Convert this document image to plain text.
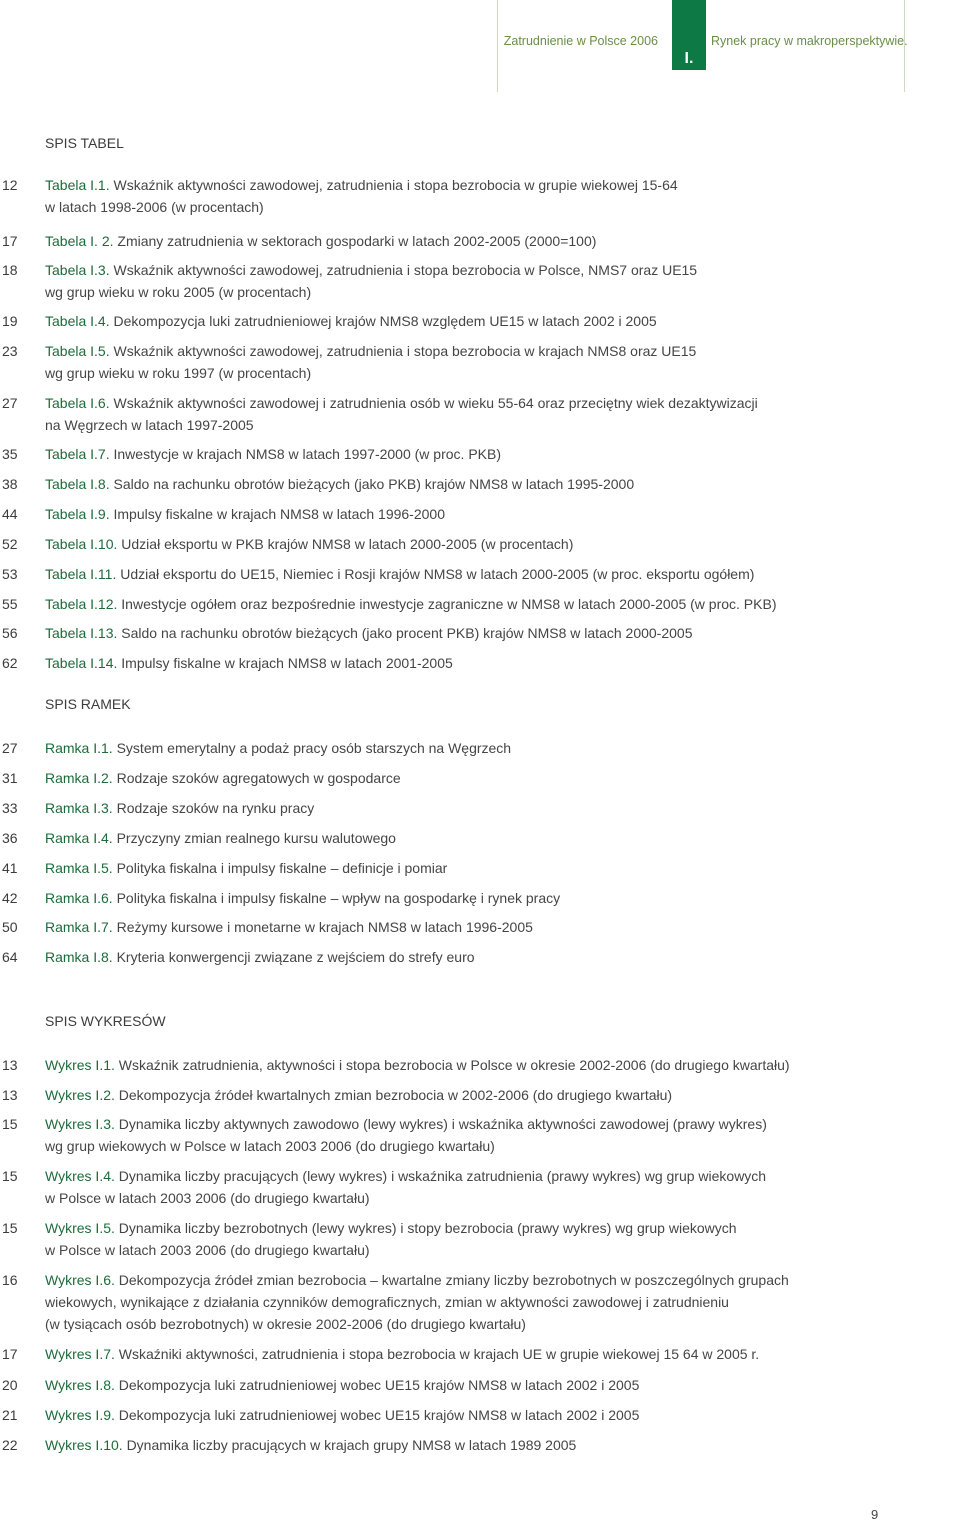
Zatrudnienie w Polsce 2006
I.
Rynek pracy w makroperspektywie.
SPIS TABEL
12	Tabela I.1. Wskaźnik aktywności zawodowej, zatrudnienia i stopa bezrobocia w grupie wiekowej 15-64
w latach 1998-2006 (w procentach)
17	Tabela I. 2. Zmiany zatrudnienia w sektorach gospodarki w latach 2002-2005 (2000=100)
18	Tabela I.3. Wskaźnik aktywności zawodowej, zatrudnienia i stopa bezrobocia w Polsce, NMS7 oraz UE15
wg grup wieku w roku 2005 (w procentach)
19	Tabela I.4. Dekompozycja luki zatrudnieniowej krajów NMS8 względem UE15 w latach 2002 i 2005
23	Tabela I.5. Wskaźnik aktywności zawodowej, zatrudnienia i stopa bezrobocia w krajach NMS8 oraz UE15
wg grup wieku w roku 1997 (w procentach)
27	Tabela I.6. Wskaźnik aktywności zawodowej i zatrudnienia osób w wieku 55-64 oraz przeciętny wiek dezaktywizacji
na Węgrzech w latach 1997-2005
35	Tabela I.7. Inwestycje w krajach NMS8 w latach 1997-2000 (w proc. PKB)
38	Tabela I.8. Saldo na rachunku obrotów bieżących (jako PKB) krajów NMS8 w latach 1995-2000
44	Tabela I.9. Impulsy fiskalne w krajach NMS8 w latach 1996-2000
52	Tabela I.10. Udział eksportu w PKB krajów NMS8 w latach 2000-2005 (w procentach)
53	Tabela I.11. Udział eksportu do UE15, Niemiec i Rosji krajów NMS8 w latach 2000-2005 (w proc. eksportu ogółem)
55	Tabela I.12. Inwestycje ogółem oraz bezpośrednie inwestycje zagraniczne w NMS8 w latach 2000-2005 (w proc. PKB)
56	Tabela I.13. Saldo na rachunku obrotów bieżących (jako procent PKB) krajów NMS8 w latach 2000-2005
62	Tabela I.14. Impulsy fiskalne w krajach NMS8 w latach 2001-2005
SPIS RAMEK
27	Ramka I.1. System emerytalny a podaż pracy osób starszych na Węgrzech
31	Ramka I.2. Rodzaje szoków agregatowych w gospodarce
33	Ramka I.3. Rodzaje szoków na rynku pracy
36	Ramka I.4. Przyczyny zmian realnego kursu walutowego
41	Ramka I.5. Polityka fiskalna i impulsy fiskalne – definicje i pomiar
42	Ramka I.6. Polityka fiskalna i impulsy fiskalne – wpływ na gospodarkę i rynek pracy
50	Ramka I.7. Reżymy kursowe i monetarne w krajach NMS8 w latach 1996-2005
64	Ramka I.8. Kryteria konwergencji związane z wejściem do strefy euro
SPIS WYKRESÓW
13	Wykres I.1. Wskaźnik zatrudnienia, aktywności i stopa bezrobocia w Polsce w okresie 2002-2006 (do drugiego kwartału)
13	Wykres I.2. Dekompozycja źródeł kwartalnych zmian bezrobocia w 2002-2006 (do drugiego kwartału)
15	Wykres I.3. Dynamika liczby aktywnych zawodowo (lewy wykres) i wskaźnika aktywności zawodowej (prawy wykres)
wg grup wiekowych w Polsce w latach 2003 2006 (do drugiego kwartału)
15	Wykres I.4. Dynamika liczby pracujących (lewy wykres) i wskaźnika zatrudnienia (prawy wykres) wg grup wiekowych
w Polsce w latach 2003 2006 (do drugiego kwartału)
15	Wykres I.5. Dynamika liczby bezrobotnych (lewy wykres) i stopy bezrobocia (prawy wykres) wg grup wiekowych
w Polsce w latach 2003 2006 (do drugiego kwartału)
16	Wykres I.6. Dekompozycja źródeł zmian bezrobocia – kwartalne zmiany liczby bezrobotnych w poszczególnych grupach
wiekowych, wynikające z działania czynników demograficznych, zmian w aktywności zawodowej i zatrudnieniu
(w tysiącach osób bezrobotnych) w okresie 2002-2006 (do drugiego kwartału)
17	Wykres I.7. Wskaźniki aktywności, zatrudnienia i stopa bezrobocia w krajach UE w grupie wiekowej 15 64 w 2005 r.
20	Wykres I.8. Dekompozycja luki zatrudnieniowej wobec UE15 krajów NMS8 w latach 2002 i 2005
21	Wykres I.9. Dekompozycja luki zatrudnieniowej wobec UE15 krajów NMS8 w latach 2002 i 2005
22	Wykres I.10. Dynamika liczby pracujących w krajach grupy NMS8 w latach 1989 2005
9
